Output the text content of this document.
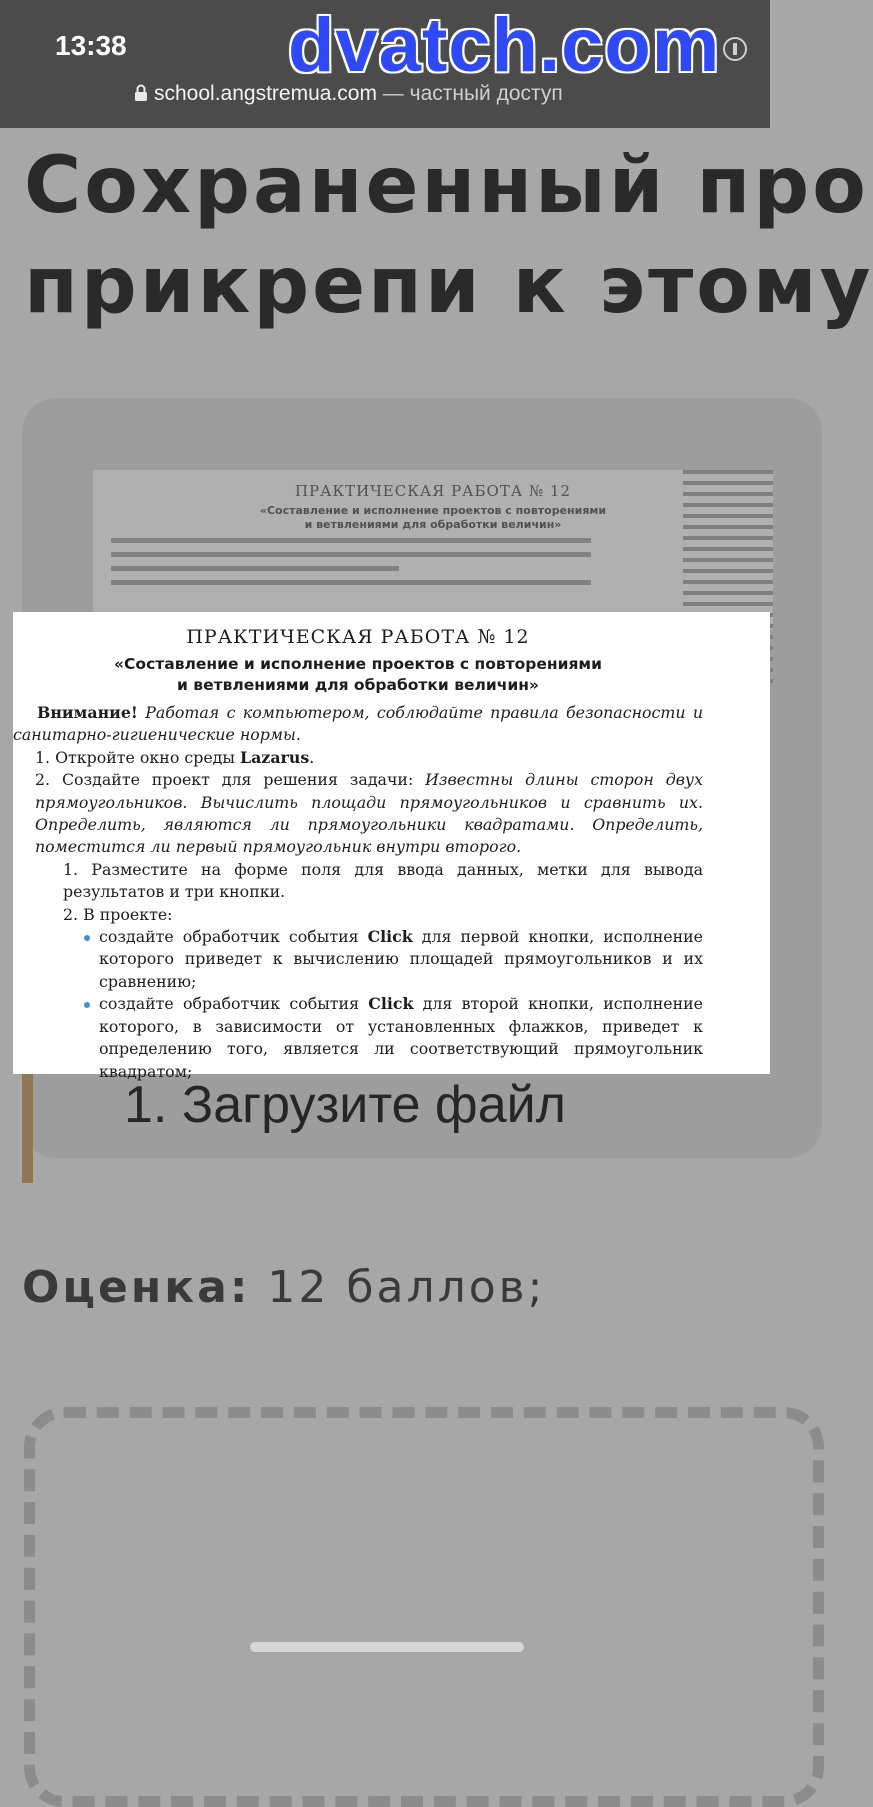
13:38
school.angstremua.com — частный доступ
dvatch.com
Сохраненный про
прикрепи к этому
ПРАКТИЧЕСКАЯ РАБОТА № 12
«Составление и исполнение проектов с повторениями
и ветвлениями для обработки величин»
1. Загрузите файл
Оценка: 12 баллов;
ПРАКТИЧЕСКАЯ РАБОТА № 12
«Составление и исполнение проектов с повторениями
и ветвлениями для обработки величин»

Внимание! Работая с компьютером, соблюдайте правила безопасности и санитарно-гигиенические нормы.

1. Откройте окно среды Lazarus.

2. Создайте проект для решения задачи: Известны длины сторон двух прямоугольников. Вычислить площади прямоугольников и сравнить их. Определить, являются ли прямоугольники квадратами. Определить, поместится ли первый прямоугольник внутри второго.

1. Разместите на форме поля для ввода данных, метки для вывода результатов и три кнопки.

2. В проекте:

создайте обработчик события Click для первой кнопки, исполнение которого приведет к вычислению площадей прямоугольников и их сравнению;

создайте обработчик события Click для второй кнопки, исполнение которого, в зависимости от установленных флажков, приведет к определению того, является ли соответствующий прямоугольник квадратом;
